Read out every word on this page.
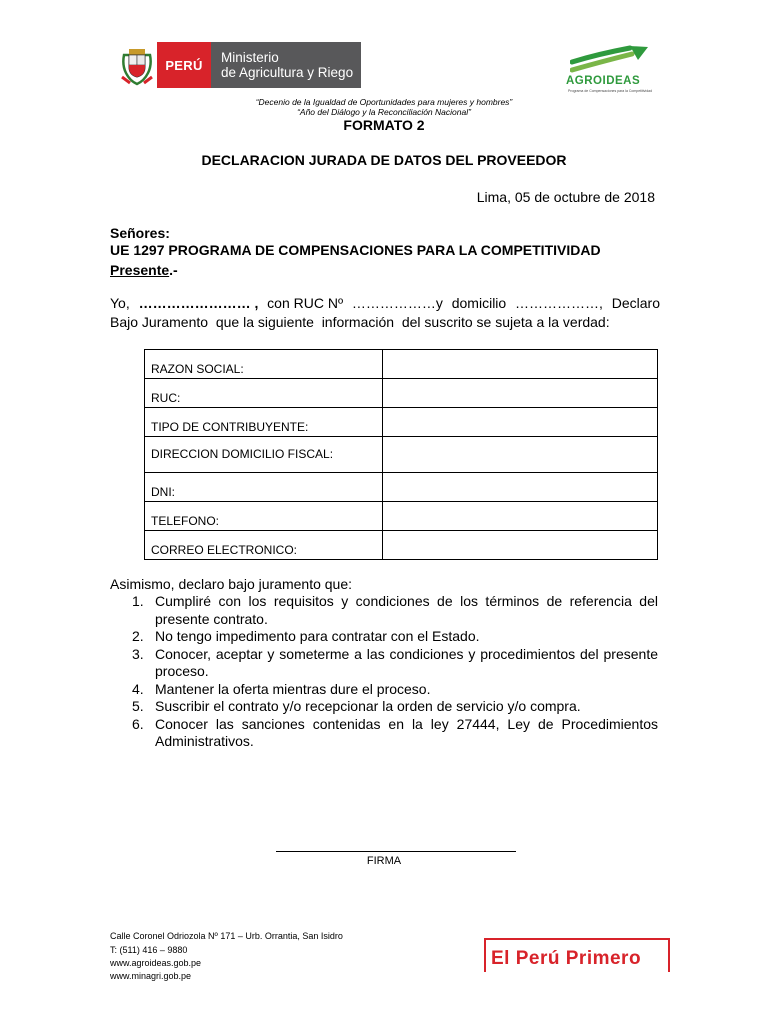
PERÚ	Ministerio
de Agricultura y Riego
AGROIDEAS
Programa de Compensaciones para la Competitividad
“Decenio de la Igualdad de Oportunidades para mujeres y hombres”
“Año del Diálogo y la Reconciliación Nacional”
FORMATO 2
DECLARACION JURADA DE DATOS DEL PROVEEDOR
Lima, 05 de octubre de 2018
Señores:
UE 1297 PROGRAMA DE COMPENSACIONES PARA LA COMPETITIVIDAD
Presente.-
Yo, …………………… , con RUC Nº ………………y domicilio ………………, Declaro
Bajo Juramento  que la siguiente  información  del suscrito se sujeta a la verdad:
RAZON SOCIAL:	
RUC:	
TIPO DE CONTRIBUYENTE:	
DIRECCION DOMICILIO FISCAL:	
DNI:	
TELEFONO:	
CORREO ELECTRONICO:	
Asimismo, declaro bajo juramento que:
1. Cumpliré con los requisitos y condiciones de los términos de referencia del presente contrato.
2. No tengo impedimento para contratar con el Estado.
3. Conocer, aceptar y someterme a las condiciones y procedimientos del presente proceso.
4. Mantener la oferta mientras dure el proceso.
5. Suscribir el contrato y/o recepcionar la orden de servicio y/o compra.
6. Conocer las sanciones contenidas en la ley 27444, Ley de Procedimientos Administrativos.
FIRMA
Calle Coronel Odriozola Nº 171 – Urb. Orrantia, San Isidro
T: (511) 416 – 9880
www.agroideas.gob.pe
www.minagri.gob.pe
El Perú Primero
